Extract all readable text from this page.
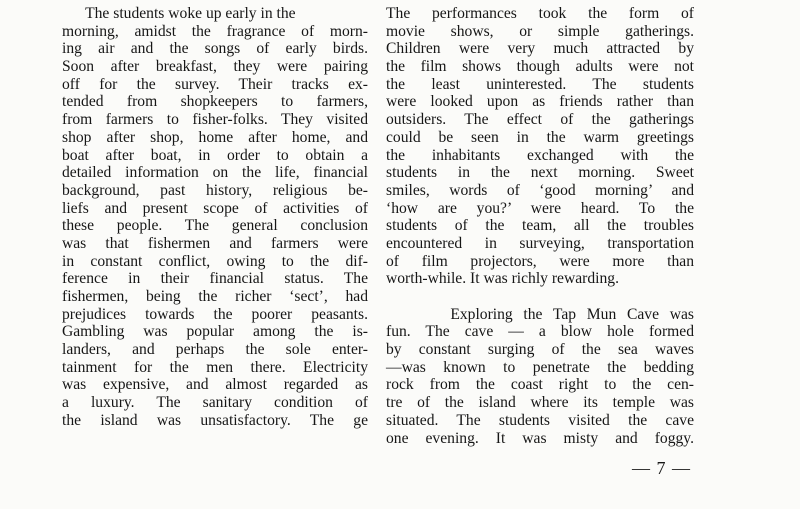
The students woke up early in the
morning, amidst the fragrance of morn-
ing air and the songs of early birds.
Soon after breakfast, they were pairing
off for the survey. Their tracks ex-
tended from shopkeepers to farmers,
from farmers to fisher-folks. They visited
shop after shop, home after home, and
boat after boat, in order to obtain a
detailed information on the life, financial
background, past history, religious be-
liefs and present scope of activities of
these people. The general conclusion
was that fishermen and farmers were
in constant conflict, owing to the dif-
ference in their financial status. The
fishermen, being the richer ‘sect’, had
prejudices towards the poorer peasants.
Gambling was popular among the is-
landers, and perhaps the sole enter-
tainment for the men there. Electricity
was expensive, and almost regarded as
a luxury. The sanitary condition of
the island was unsatisfactory. The ge
The performances took the form of
movie shows, or simple gatherings.
Children were very much attracted by
the film shows though adults were not
the least uninterested. The students
were looked upon as friends rather than
outsiders. The effect of the gatherings
could be seen in the warm greetings
the inhabitants exchanged with the
students in the next morning. Sweet
smiles, words of ‘good morning’ and
‘how are you?’ were heard. To the
students of the team, all the troubles
encountered in surveying, transportation
of film projectors, were more than
worth-while. It was richly rewarding.
Exploring the Tap Mun Cave was
fun. The cave — a blow hole formed
by constant surging of the sea waves
—was known to penetrate the bedding
rock from the coast right to the cen-
tre of the island where its temple was
situated. The students visited the cave
one evening. It was misty and foggy.
— 7 —
